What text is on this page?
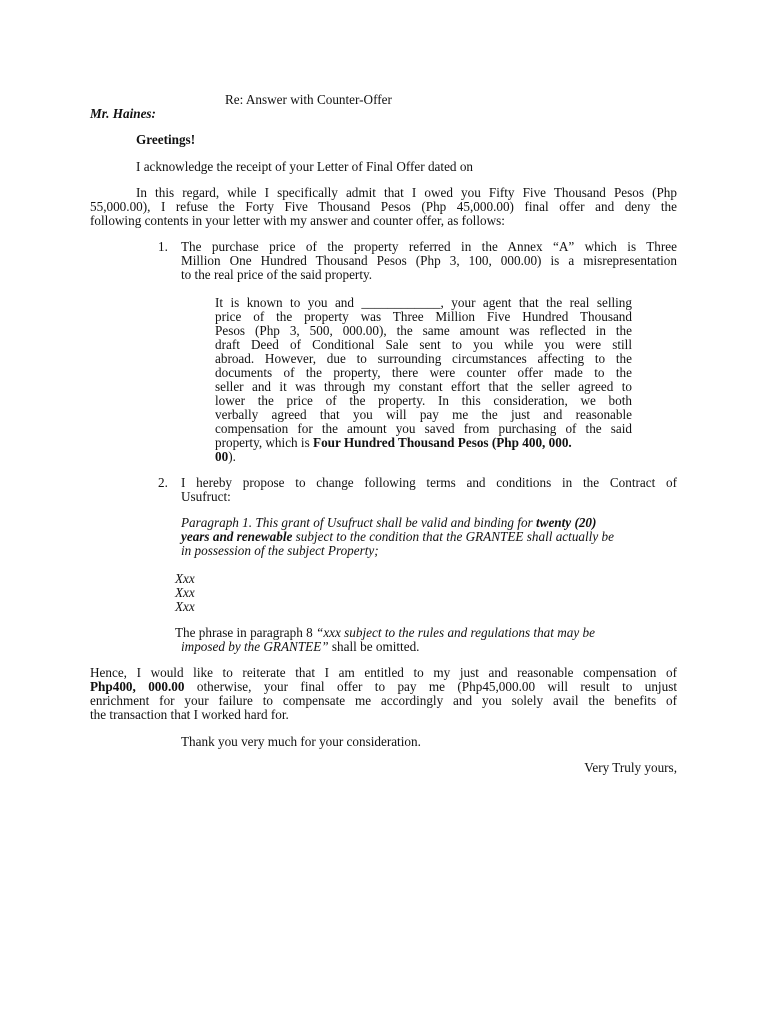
Re: Answer with Counter-Offer
Mr. Haines:
Greetings!
I acknowledge the receipt of your Letter of Final Offer dated on
In this regard, while I specifically admit that I owed you Fifty Five Thousand Pesos (Php
55,000.00), I refuse the Forty Five Thousand Pesos (Php 45,000.00) final offer and deny the
following contents in your letter with my answer and counter offer, as follows:
1. The purchase price of the property referred in the Annex “A” which is Three
Million One Hundred Thousand Pesos (Php 3, 100, 000.00) is a misrepresentation
to the real price of the said property.
It is known to you and ____________, your agent that the real selling
price of the property was Three Million Five Hundred Thousand
Pesos (Php 3, 500, 000.00), the same amount was reflected in the
draft Deed of Conditional Sale sent to you while you were still
abroad. However, due to surrounding circumstances affecting to the
documents of the property, there were counter offer made to the
seller and it was through my constant effort that the seller agreed to
lower the price of the property. In this consideration, we both
verbally agreed that you will pay me the just and reasonable
compensation for the amount you saved from purchasing of the said
property, which is Four Hundred Thousand Pesos (Php 400, 000.
00).
2. I hereby propose to change following terms and conditions in the Contract of
Usufruct:
Paragraph 1. This grant of Usufruct shall be valid and binding for twenty (20)
years and renewable subject to the condition that the GRANTEE shall actually be
in possession of the subject Property;
Xxx
Xxx
Xxx
The phrase in paragraph 8 “xxx subject to the rules and regulations that may be
imposed by the GRANTEE” shall be omitted.
Hence, I would like to reiterate that I am entitled to my just and reasonable compensation of
Php400, 000.00 otherwise, your final offer to pay me (Php45,000.00 will result to unjust
enrichment for your failure to compensate me accordingly and you solely avail the benefits of
the transaction that I worked hard for.
Thank you very much for your consideration.
Very Truly yours,
